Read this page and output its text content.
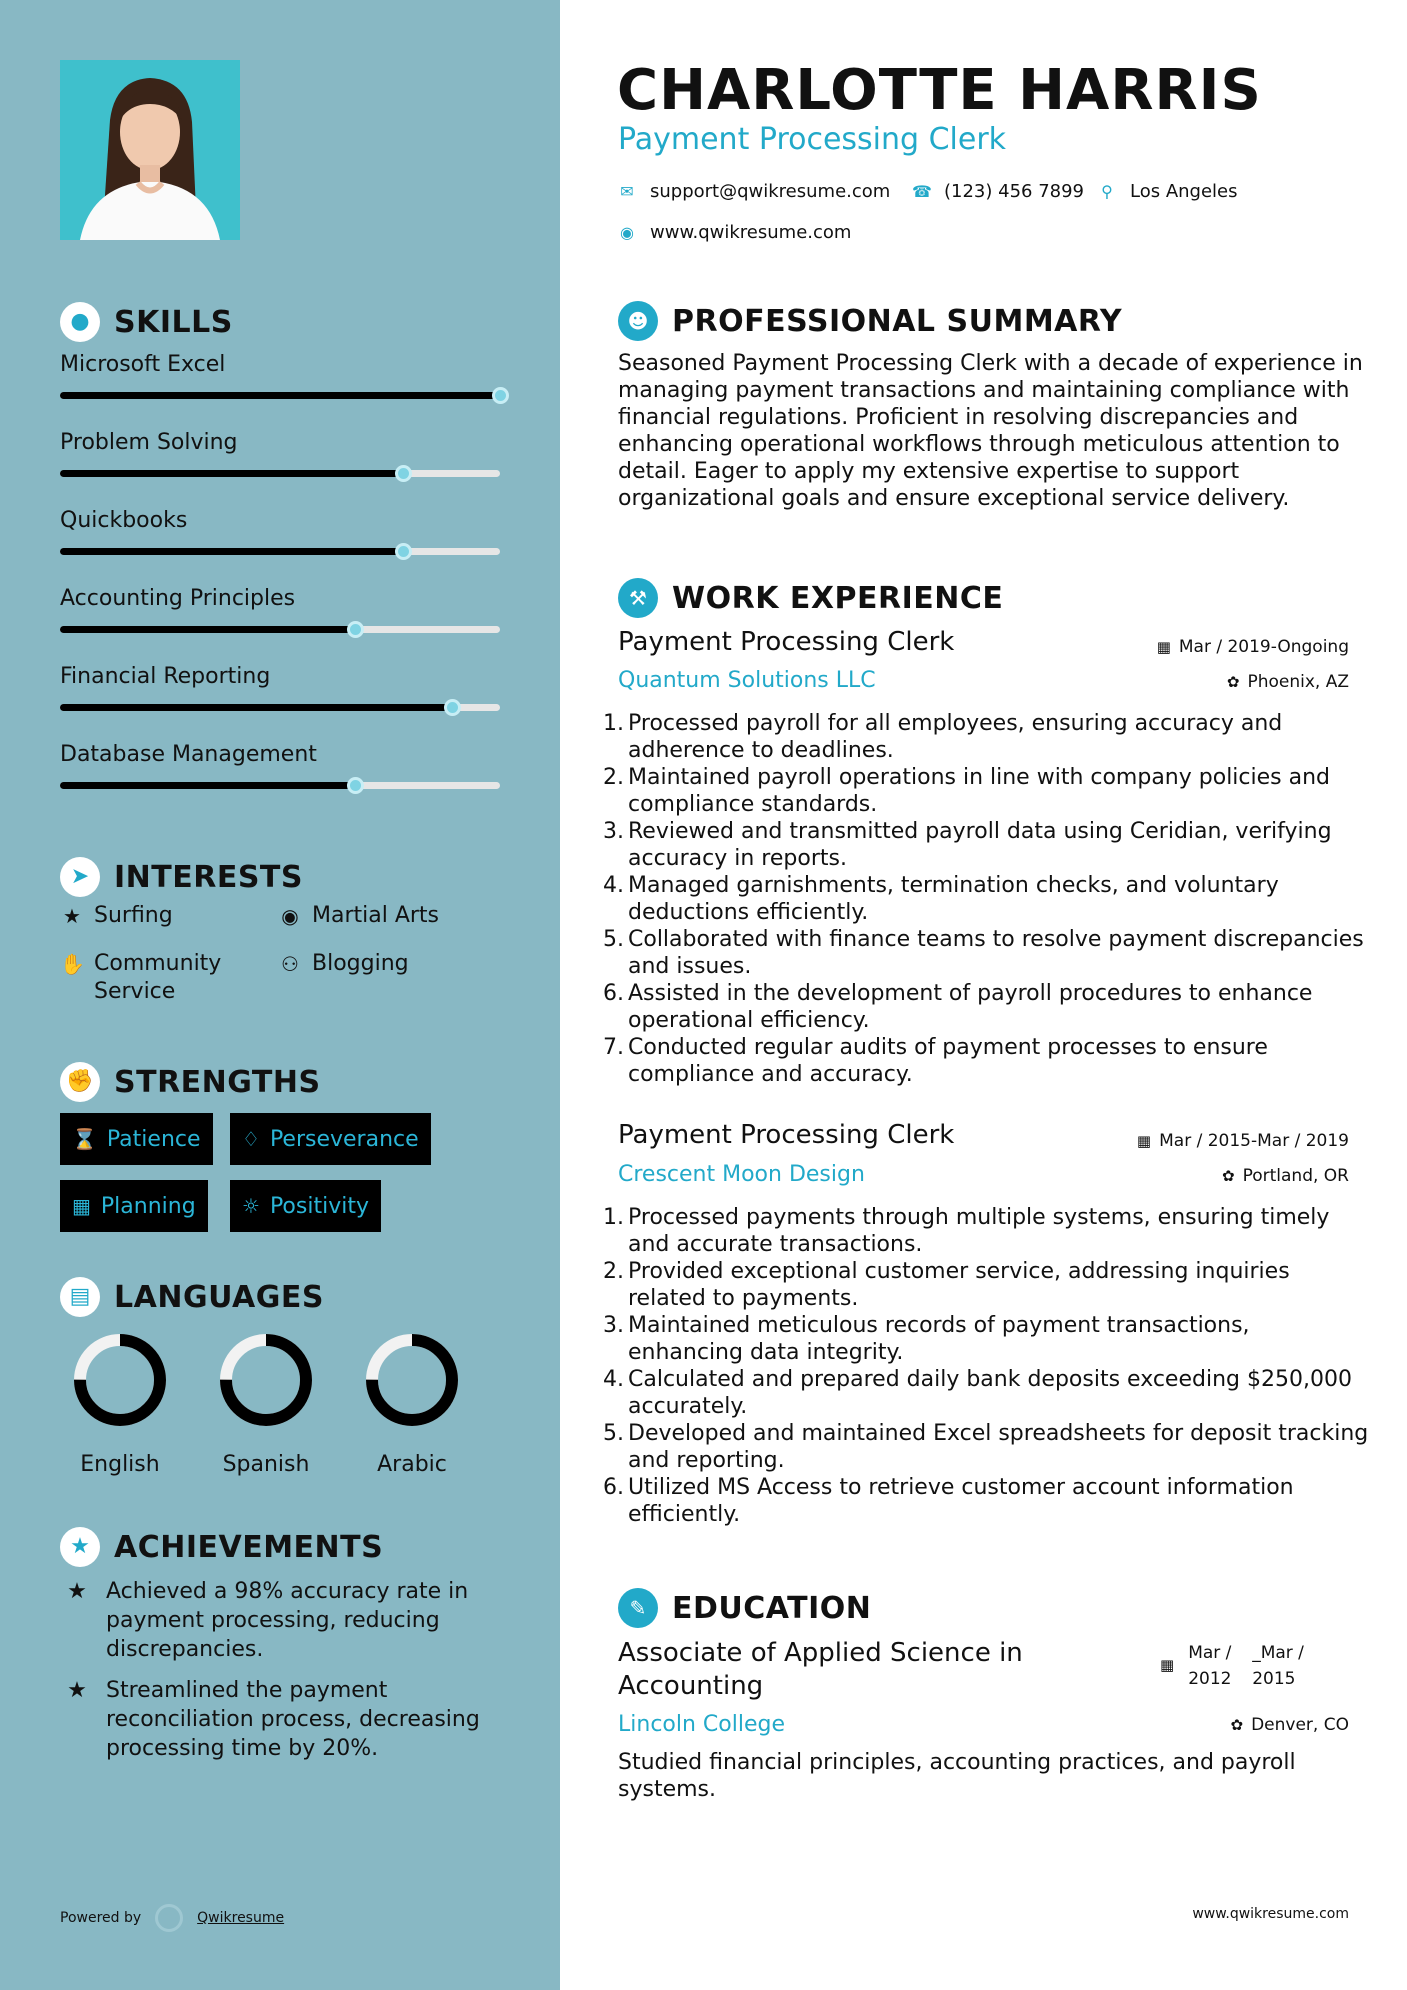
● SKILLS
Microsoft Excel
Problem Solving
Quickbooks
Accounting Principles
Financial Reporting
Database Management
➤ INTERESTS
★ Surfing	◉ Martial Arts
✋ Community Service
⚇ Blogging
✊ STRENGTHS
⌛ Patience ♢ Perseverance
▦ Planning ☼ Positivity
▤ LANGUAGES
English	Spanish	Arabic
★ ACHIEVEMENTS
★ Achieved a 98% accuracy rate in payment processing, reducing discrepancies.
★ Streamlined the payment reconciliation process, decreasing processing time by 20%.
Powered by	Qwikresume
CHARLOTTE HARRIS
Payment Processing Clerk
✉ support@qwikresume.com ☎ (123) 456 7899 ⚲ Los Angeles
◉ www.qwikresume.com
☻ PROFESSIONAL SUMMARY
Seasoned Payment Processing Clerk with a decade of experience in managing payment transactions and maintaining compliance with financial regulations. Proficient in resolving discrepancies and enhancing operational workflows through meticulous attention to detail. Eager to apply my extensive expertise to support organizational goals and ensure exceptional service delivery.
⚒ WORK EXPERIENCE
Payment Processing Clerk	▦ Mar / 2019-Ongoing
Quantum Solutions LLC	✿ Phoenix, AZ
1. Processed payroll for all employees, ensuring accuracy and adherence to deadlines.
2. Maintained payroll operations in line with company policies and compliance standards.
3. Reviewed and transmitted payroll data using Ceridian, verifying accuracy in reports.
4. Managed garnishments, termination checks, and voluntary deductions efficiently.
5. Collaborated with finance teams to resolve payment discrepancies and issues.
6. Assisted in the development of payroll procedures to enhance operational efficiency.
7. Conducted regular audits of payment processes to ensure compliance and accuracy.
Payment Processing Clerk	▦ Mar / 2015-Mar / 2019
Crescent Moon Design	✿ Portland, OR
1. Processed payments through multiple systems, ensuring timely and accurate transactions.
2. Provided exceptional customer service, addressing inquiries related to payments.
3. Maintained meticulous records of payment transactions, enhancing data integrity.
4. Calculated and prepared daily bank deposits exceeding $250,000 accurately.
5. Developed and maintained Excel spreadsheets for deposit tracking and reporting.
6. Utilized MS Access to retrieve customer account information efficiently.
✎ EDUCATION
Associate of Applied Science in Accounting
▦
Mar / 2012
_Mar / 2015
Lincoln College	✿ Denver, CO
Studied financial principles, accounting practices, and payroll systems.
www.qwikresume.com
